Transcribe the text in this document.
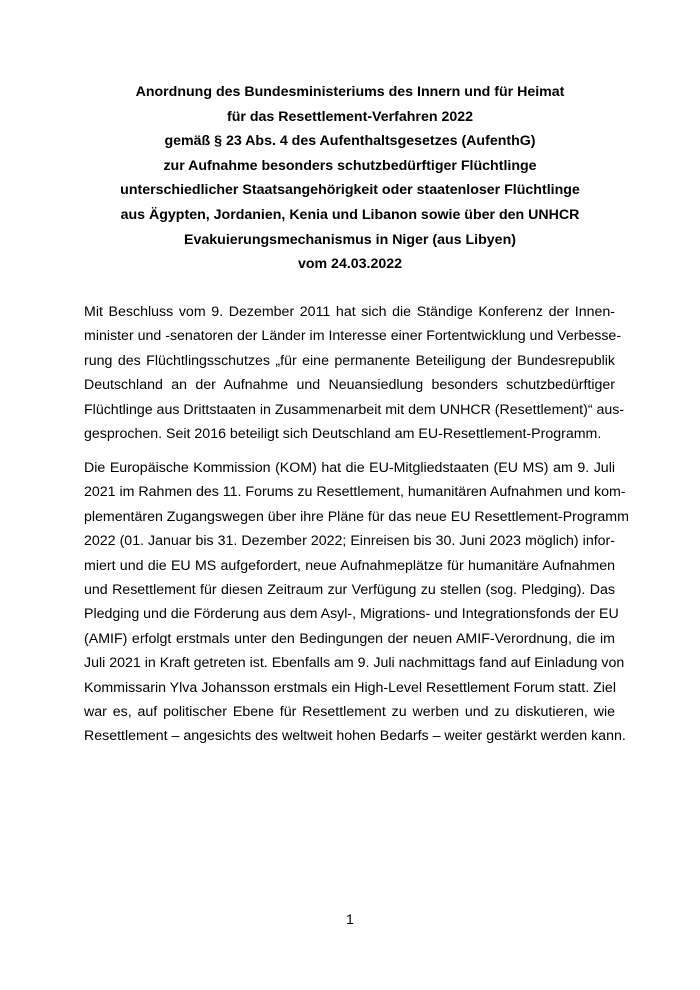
Anordnung des Bundesministeriums des Innern und für Heimat
für das Resettlement-Verfahren 2022
gemäß § 23 Abs. 4 des Aufenthaltsgesetzes (AufenthG)
zur Aufnahme besonders schutzbedürftiger Flüchtlinge
unterschiedlicher Staatsangehörigkeit oder staatenloser Flüchtlinge
aus Ägypten, Jordanien, Kenia und Libanon sowie über den UNHCR
Evakuierungsmechanismus in Niger (aus Libyen)
vom 24.03.2022
Mit Beschluss vom 9. Dezember 2011 hat sich die Ständige Konferenz der Innen-
minister und -senatoren der Länder im Interesse einer Fortentwicklung und Verbesse-
rung des Flüchtlingsschutzes „für eine permanente Beteiligung der Bundesrepublik
Deutschland an der Aufnahme und Neuansiedlung besonders schutzbedürftiger
Flüchtlinge aus Drittstaaten in Zusammenarbeit mit dem UNHCR (Resettlement)“ aus-
gesprochen. Seit 2016 beteiligt sich Deutschland am EU-Resettlement-Programm.
Die Europäische Kommission (KOM) hat die EU-Mitgliedstaaten (EU MS) am 9. Juli
2021 im Rahmen des 11. Forums zu Resettlement, humanitären Aufnahmen und kom-
plementären Zugangswegen über ihre Pläne für das neue EU Resettlement-Programm
2022 (01. Januar bis 31. Dezember 2022; Einreisen bis 30. Juni 2023 möglich) infor-
miert und die EU MS aufgefordert, neue Aufnahmeplätze für humanitäre Aufnahmen
und Resettlement für diesen Zeitraum zur Verfügung zu stellen (sog. Pledging). Das
Pledging und die Förderung aus dem Asyl-, Migrations- und Integrationsfonds der EU
(AMIF) erfolgt erstmals unter den Bedingungen der neuen AMIF-Verordnung, die im
Juli 2021 in Kraft getreten ist. Ebenfalls am 9. Juli nachmittags fand auf Einladung von
Kommissarin Ylva Johansson erstmals ein High-Level Resettlement Forum statt. Ziel
war es, auf politischer Ebene für Resettlement zu werben und zu diskutieren, wie
Resettlement – angesichts des weltweit hohen Bedarfs – weiter gestärkt werden kann.
1
